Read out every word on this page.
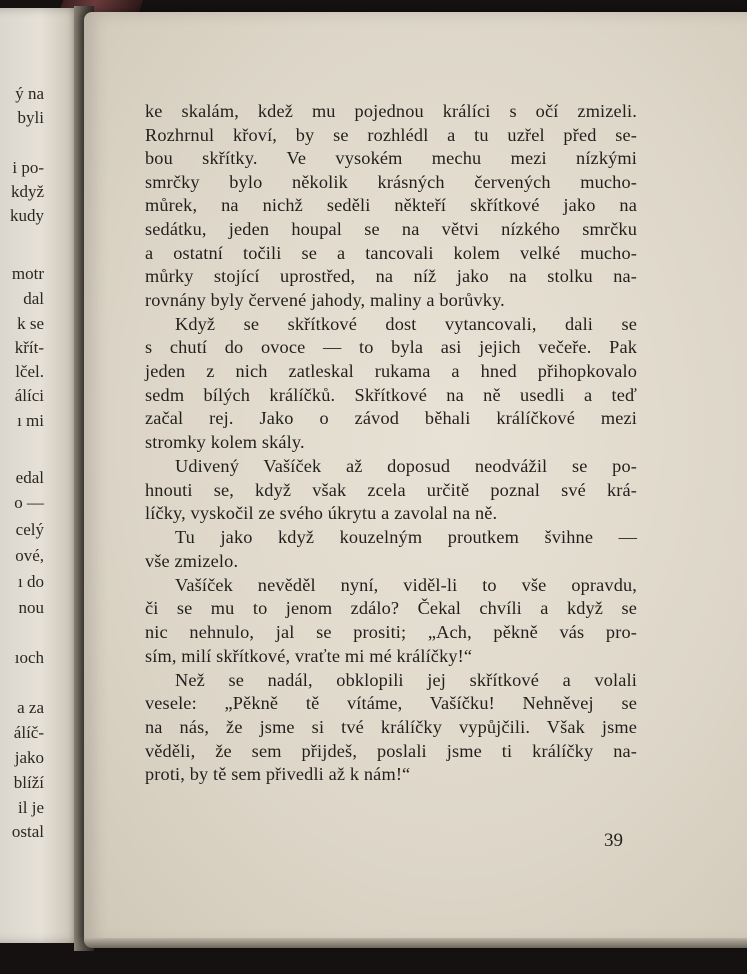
ý na
byli
i po-
když
kudy
motr
dal
k se
křít-
lčel.
álíci
ı mi
edal
o —
celý
ové,
ı do
nou
ıoch
a za
álíč-
jako
blíží
il je
ostal

ke skalám, kdež mu pojednou králíci s očí zmizeli.
Rozhrnul křoví, by se rozhlédl a tu uzřel před se-
bou skřítky. Ve vysokém mechu mezi nízkými
smrčky bylo několik krásných červených mucho-
můrek, na nichž seděli někteří skřítkové jako na
sedátku, jeden houpal se na větvi nízkého smrčku
a ostatní točili se a tancovali kolem velké mucho-
můrky stojící uprostřed, na níž jako na stolku na-
rovnány byly červené jahody, maliny a borůvky.

Když se skřítkové dost vytancovali, dali se
s chutí do ovoce — to byla asi jejich večeře. Pak
jeden z nich zatleskal rukama a hned přihopkovalo
sedm bílých králíčků. Skřítkové na ně usedli a teď
začal rej. Jako o závod běhali králíčkové mezi
stromky kolem skály.

Udivený Vašíček až doposud neodvážil se po-
hnouti se, když však zcela určitě poznal své krá-
líčky, vyskočil ze svého úkrytu a zavolal na ně.

Tu jako když kouzelným proutkem švihne —
vše zmizelo.

Vašíček nevěděl nyní, viděl-li to vše opravdu,
či se mu to jenom zdálo? Čekal chvíli a když se
nic nehnulo, jal se prositi; „Ach, pěkně vás pro-
sím, milí skřítkové, vraťte mi mé králíčky!“

Než se nadál, obklopili jej skřítkové a volali
vesele: „Pěkně tě vítáme, Vašíčku! Nehněvej se
na nás, že jsme si tvé králíčky vypůjčili. Však jsme
věděli, že sem přijdeš, poslali jsme ti králíčky na-
proti, by tě sem přivedli až k nám!“

39
